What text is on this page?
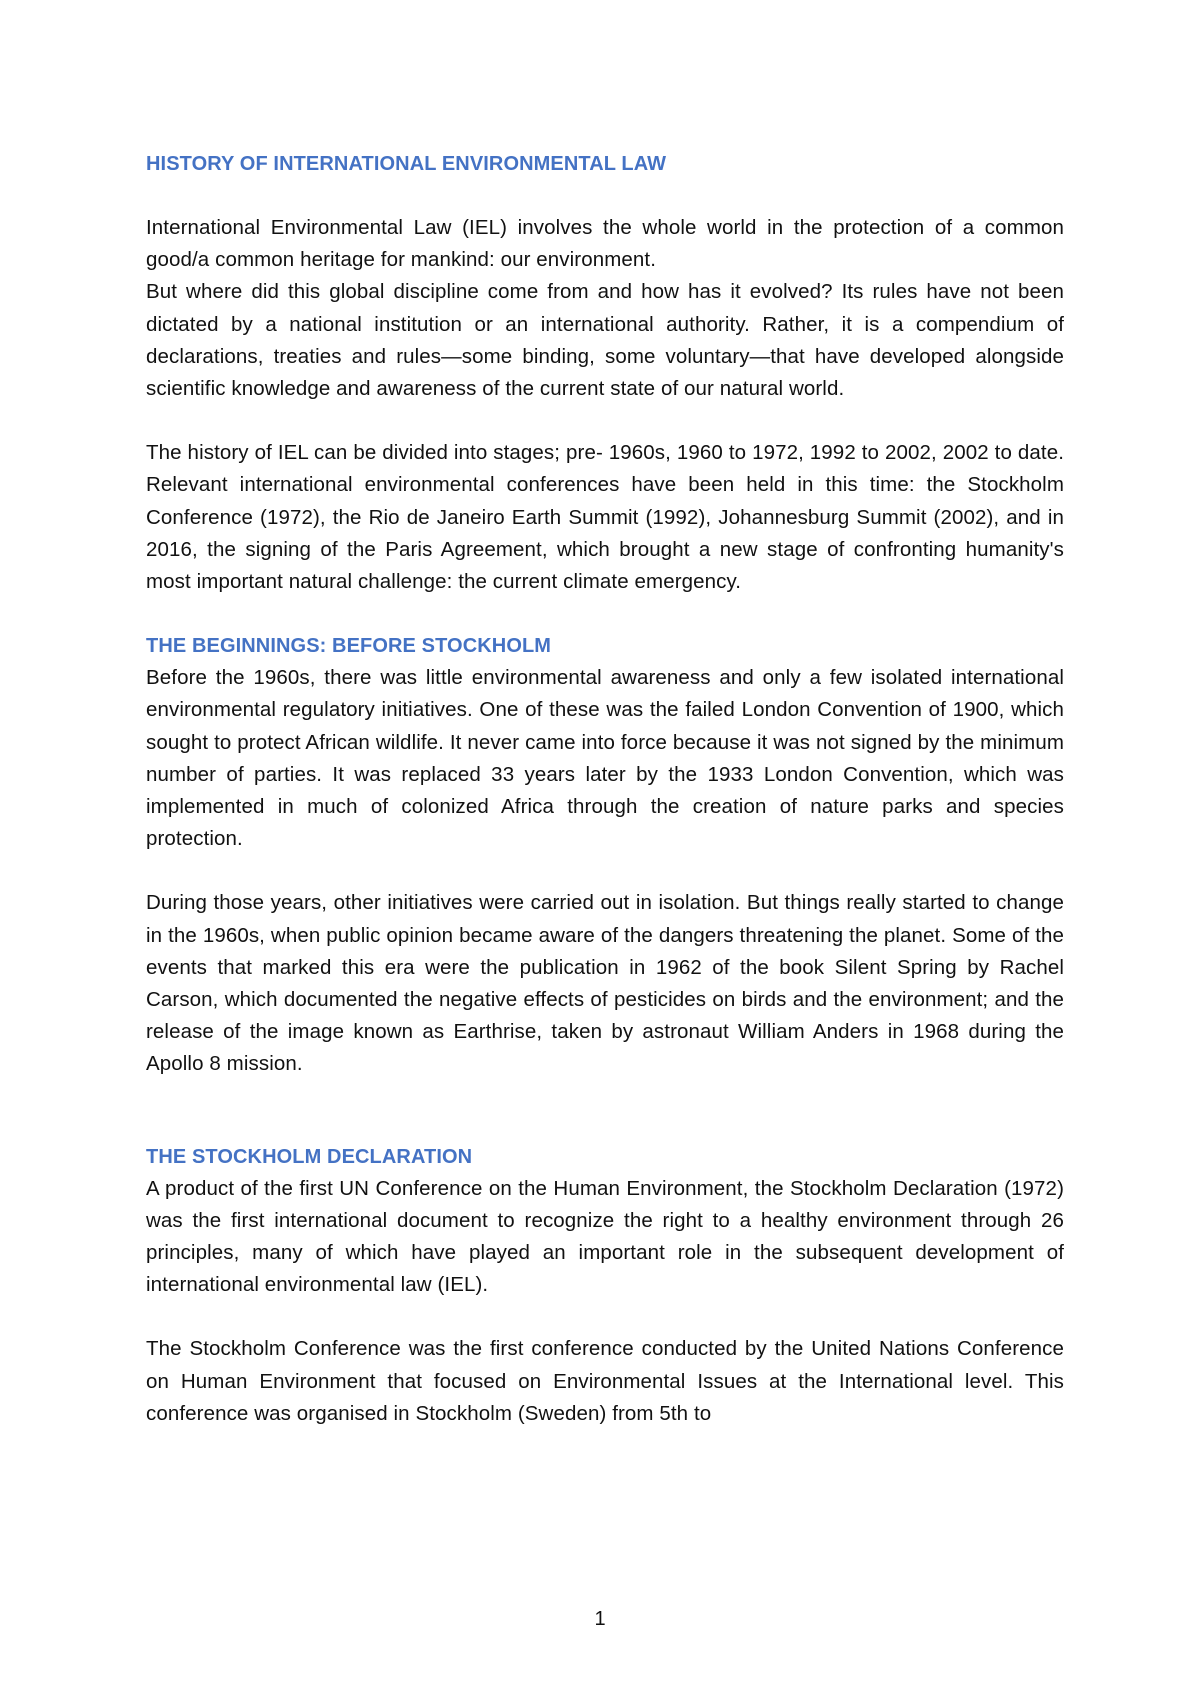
HISTORY OF INTERNATIONAL ENVIRONMENTAL LAW

International Environmental Law (IEL) involves the whole world in the protection of a common good/a common heritage for mankind: our environment.

But where did this global discipline come from and how has it evolved? Its rules have not been dictated by a national institution or an international authority. Rather, it is a compendium of declarations, treaties and rules—some binding, some voluntary—that have developed alongside scientific knowledge and awareness of the current state of our natural world.

The history of IEL can be divided into stages; pre- 1960s, 1960 to 1972, 1992 to 2002, 2002 to date. Relevant international environmental conferences have been held in this time: the Stockholm Conference (1972), the Rio de Janeiro Earth Summit (1992), Johannesburg Summit (2002), and in 2016, the signing of the Paris Agreement, which brought a new stage of confronting humanity's most important natural challenge: the current climate emergency.

THE BEGINNINGS: BEFORE STOCKHOLM

Before the 1960s, there was little environmental awareness and only a few isolated international environmental regulatory initiatives. One of these was the failed London Convention of 1900, which sought to protect African wildlife. It never came into force because it was not signed by the minimum number of parties. It was replaced 33 years later by the 1933 London Convention, which was implemented in much of colonized Africa through the creation of nature parks and species protection.

During those years, other initiatives were carried out in isolation. But things really started to change in the 1960s, when public opinion became aware of the dangers threatening the planet. Some of the events that marked this era were the publication in 1962 of the book Silent Spring by Rachel Carson, which documented the negative effects of pesticides on birds and the environment; and the release of the image known as Earthrise, taken by astronaut William Anders in 1968 during the Apollo 8 mission.

THE STOCKHOLM DECLARATION

A product of the first UN Conference on the Human Environment, the Stockholm Declaration (1972) was the first international document to recognize the right to a healthy environment through 26 principles, many of which have played an important role in the subsequent development of international environmental law (IEL).

The Stockholm Conference was the first conference conducted by the United Nations Conference on Human Environment that focused on Environmental Issues at the International level. This conference was organised in Stockholm (Sweden) from 5th to

1
